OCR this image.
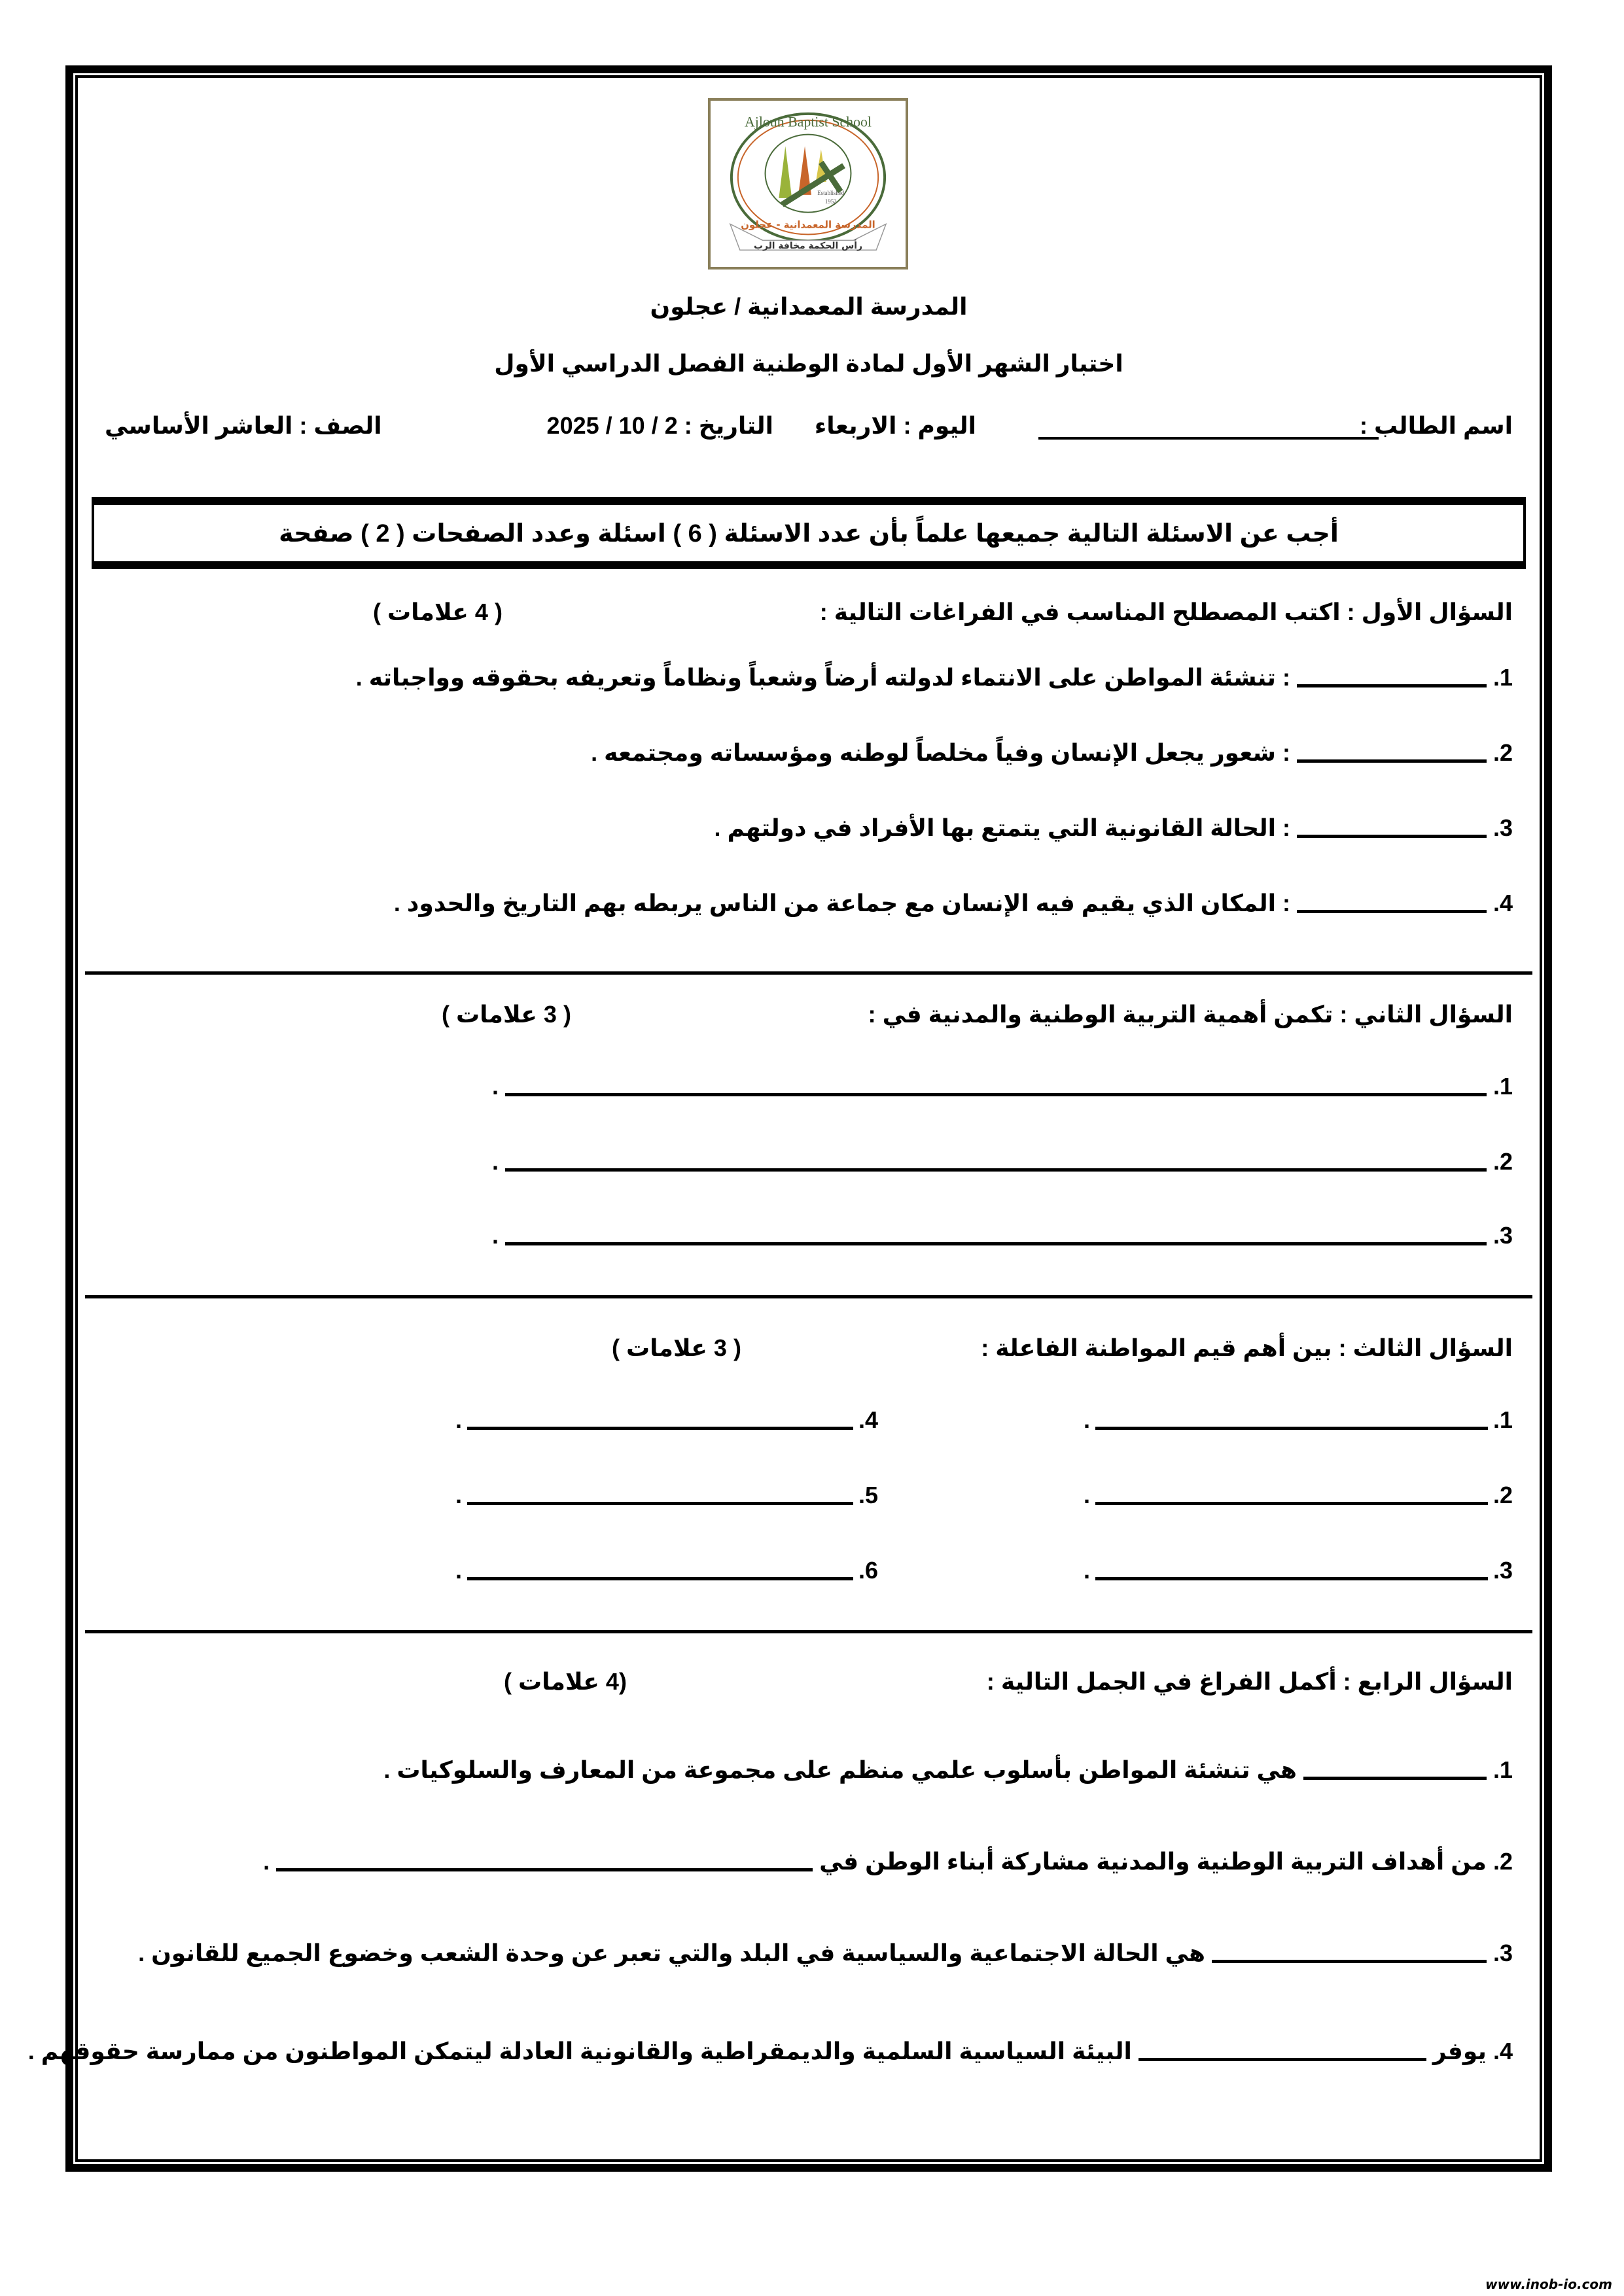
Ajloun Baptist School
Established
1952
المدرسة المعمدانية - عجلون
رأس الحكمة مخافة الرب
المدرسة المعمدانية / عجلون
اختبار الشهر الأول لمادة الوطنية الفصل الدراسي الأول
اسم الطالب :
اليوم : الاربعاء
التاريخ : 2 / 10 / 2025
الصف : العاشر الأساسي
أجب عن الاسئلة التالية جميعها علماً بأن عدد الاسئلة ( 6 ) اسئلة وعدد الصفحات ( 2 ) صفحة
السؤال الأول : اكتب المصطلح المناسب في الفراغات التالية :
( 4 علامات )
1.
: تنشئة المواطن على الانتماء لدولته أرضاً وشعباً ونظاماً وتعريفه بحقوقه وواجباته .
2.
: شعور يجعل الإنسان وفياً مخلصاً لوطنه ومؤسساته ومجتمعه .
3.
: الحالة القانونية التي يتمتع بها الأفراد في دولتهم .
4.
: المكان الذي يقيم فيه الإنسان مع جماعة من الناس يربطه بهم التاريخ والحدود .
السؤال الثاني : تكمن أهمية التربية الوطنية والمدنية في :
( 3 علامات )
1.
.
2.
.
3.
.
السؤال الثالث : بين أهم قيم المواطنة الفاعلة :
( 3 علامات )
1.
.
2.
.
3.
.
4.
.
5.
.
6.
.
السؤال الرابع : أكمل الفراغ في الجمل التالية :
(4 علامات )
1.
هي تنشئة المواطن بأسلوب علمي منظم على مجموعة من المعارف والسلوكيات .
2.
من أهداف التربية الوطنية والمدنية مشاركة أبناء الوطن في
.
3.
هي الحالة الاجتماعية والسياسية في البلد والتي تعبر عن وحدة الشعب وخضوع الجميع للقانون .
4.
يوفر
البيئة السياسية السلمية والديمقراطية والقانونية العادلة ليتمكن المواطنون من ممارسة حقوقهم .
www.inob-io.com
